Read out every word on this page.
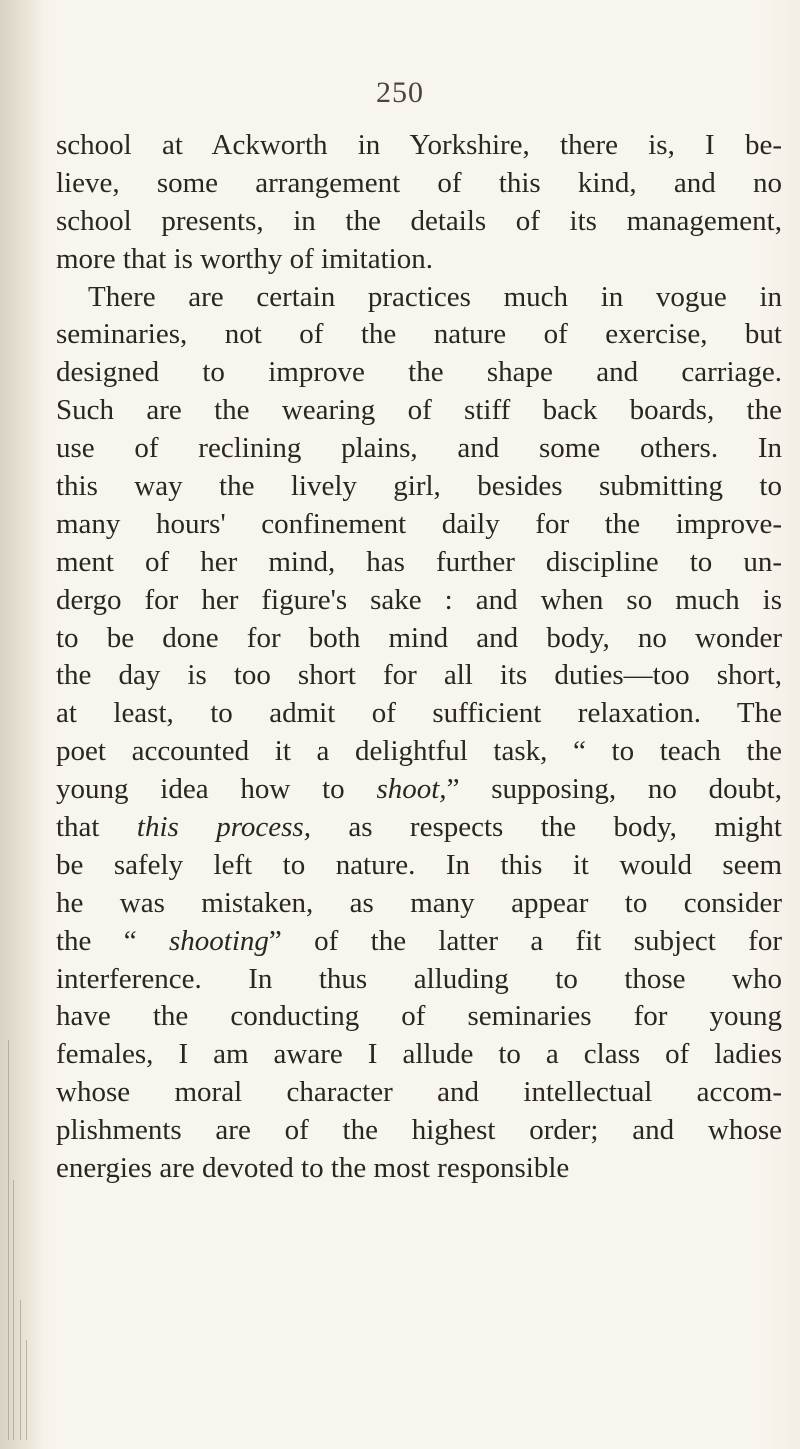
250
school at Ackworth in Yorkshire, there is, I be-
lieve, some arrangement of this kind, and no
school presents, in the details of its management,
more that is worthy of imitation.
There are certain practices much in vogue in
seminaries, not of the nature of exercise, but
designed to improve the shape and carriage.
Such are the wearing of stiff back boards, the
use of reclining plains, and some others. In
this way the lively girl, besides submitting to
many hours' confinement daily for the improve-
ment of her mind, has further discipline to un-
dergo for her figure's sake : and when so much is
to be done for both mind and body, no wonder
the day is too short for all its duties—too short,
at least, to admit of sufficient relaxation. The
poet accounted it a delightful task, “ to teach the
young idea how to shoot,” supposing, no doubt,
that this process, as respects the body, might
be safely left to nature. In this it would seem
he was mistaken, as many appear to consider
the “ shooting” of the latter a fit subject for
interference. In thus alluding to those who
have the conducting of seminaries for young
females, I am aware I allude to a class of ladies
whose moral character and intellectual accom-
plishments are of the highest order; and whose
energies are devoted to the most responsible
